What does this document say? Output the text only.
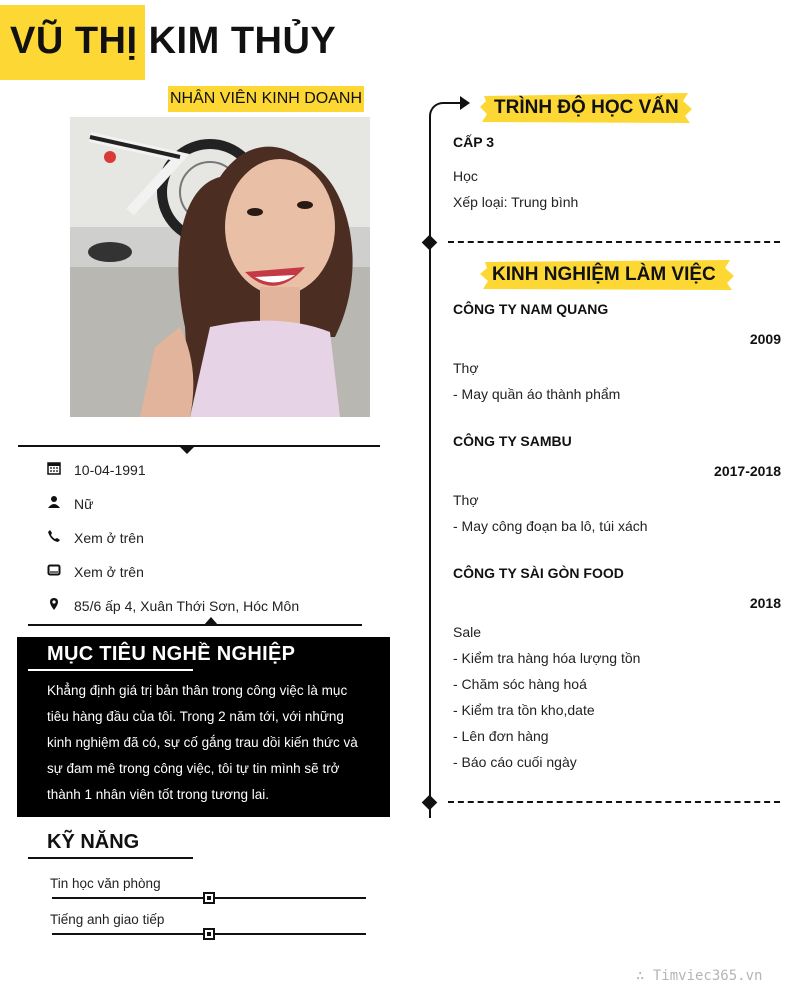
VŨ THỊ KIM THỦY
NHÂN VIÊN KINH DOANH
10-04-1991
Nữ
Xem ở trên
Xem ở trên
85/6 ấp 4, Xuân Thới Sơn, Hóc Môn
MỤC TIÊU NGHỀ NGHIỆP
Khẳng định giá trị bản thân trong công việc là mục tiêu hàng đầu của tôi. Trong 2 năm tới, với những kinh nghiệm đã có, sự cố gắng trau dồi kiến thức và sự đam mê trong công việc, tôi tự tin mình sẽ trở thành 1 nhân viên tốt trong tương lai.
KỸ NĂNG
Tin học văn phòng
Tiếng anh giao tiếp
TRÌNH ĐỘ HỌC VẤN
CẤP 3
Học
Xếp loại: Trung bình
KINH NGHIỆM LÀM VIỆC
CÔNG TY NAM QUANG
2009
Thợ
- May quần áo thành phẩm
CÔNG TY SAMBU
2017-2018
Thợ
- May công đoạn ba lô, túi xách
CÔNG TY SÀI GÒN FOOD
2018
Sale
- Kiểm tra hàng hóa lượng tồn
- Chăm sóc hàng hoá
- Kiểm tra tồn kho,date
- Lên đơn hàng
- Báo cáo cuối ngày
∴ Timviec365.vn
